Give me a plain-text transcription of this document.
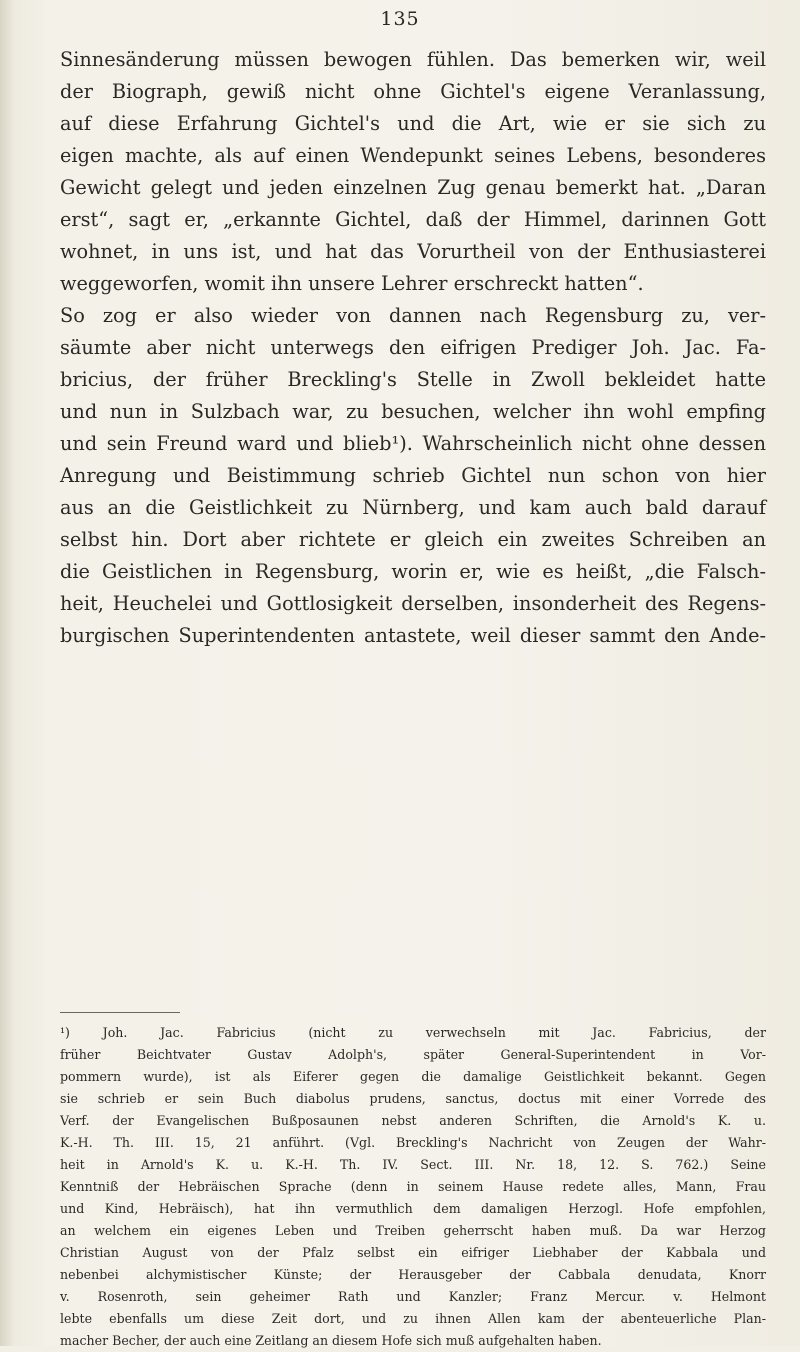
135

Sinnesänderung müssen bewogen fühlen. Das bemerken wir, weil
der Biograph, gewiß nicht ohne Gichtel's eigene Veranlassung,
auf diese Erfahrung Gichtel's und die Art, wie er sie sich zu
eigen machte, als auf einen Wendepunkt seines Lebens, besonderes
Gewicht gelegt und jeden einzelnen Zug genau bemerkt hat. „Daran
erst“, sagt er, „erkannte Gichtel, daß der Himmel, darinnen Gott
wohnet, in uns ist, und hat das Vorurtheil von der Enthusiasterei
weggeworfen, womit ihn unsere Lehrer erschreckt hatten“.
So zog er also wieder von dannen nach Regensburg zu, ver-
säumte aber nicht unterwegs den eifrigen Prediger Joh. Jac. Fa-
bricius, der früher Breckling's Stelle in Zwoll bekleidet hatte
und nun in Sulzbach war, zu besuchen, welcher ihn wohl empfing
und sein Freund ward und blieb¹). Wahrscheinlich nicht ohne dessen
Anregung und Beistimmung schrieb Gichtel nun schon von hier
aus an die Geistlichkeit zu Nürnberg, und kam auch bald darauf
selbst hin. Dort aber richtete er gleich ein zweites Schreiben an
die Geistlichen in Regensburg, worin er, wie es heißt, „die Falsch-
heit, Heuchelei und Gottlosigkeit derselben, insonderheit des Regens-
burgischen Superintendenten antastete, weil dieser sammt den Ande-

¹) Joh. Jac. Fabricius (nicht zu verwechseln mit Jac. Fabricius, der
früher Beichtvater Gustav Adolph's, später General-Superintendent in Vor-
pommern wurde), ist als Eiferer gegen die damalige Geistlichkeit bekannt. Gegen
sie schrieb er sein Buch diabolus prudens, sanctus, doctus mit einer Vorrede des
Verf. der Evangelischen Bußposaunen nebst anderen Schriften, die Arnold's K. u.
K.-H. Th. III. 15, 21 anführt. (Vgl. Breckling's Nachricht von Zeugen der Wahr-
heit in Arnold's K. u. K.-H. Th. IV. Sect. III. Nr. 18, 12. S. 762.) Seine
Kenntniß der Hebräischen Sprache (denn in seinem Hause redete alles, Mann, Frau
und Kind, Hebräisch), hat ihn vermuthlich dem damaligen Herzogl. Hofe empfohlen,
an welchem ein eigenes Leben und Treiben geherrscht haben muß. Da war Herzog
Christian August von der Pfalz selbst ein eifriger Liebhaber der Kabbala und
nebenbei alchymistischer Künste; der Herausgeber der Cabbala denudata, Knorr
v. Rosenroth, sein geheimer Rath und Kanzler; Franz Mercur. v. Helmont
lebte ebenfalls um diese Zeit dort, und zu ihnen Allen kam der abenteuerliche Plan-
macher Becher, der auch eine Zeitlang an diesem Hofe sich muß aufgehalten haben.
